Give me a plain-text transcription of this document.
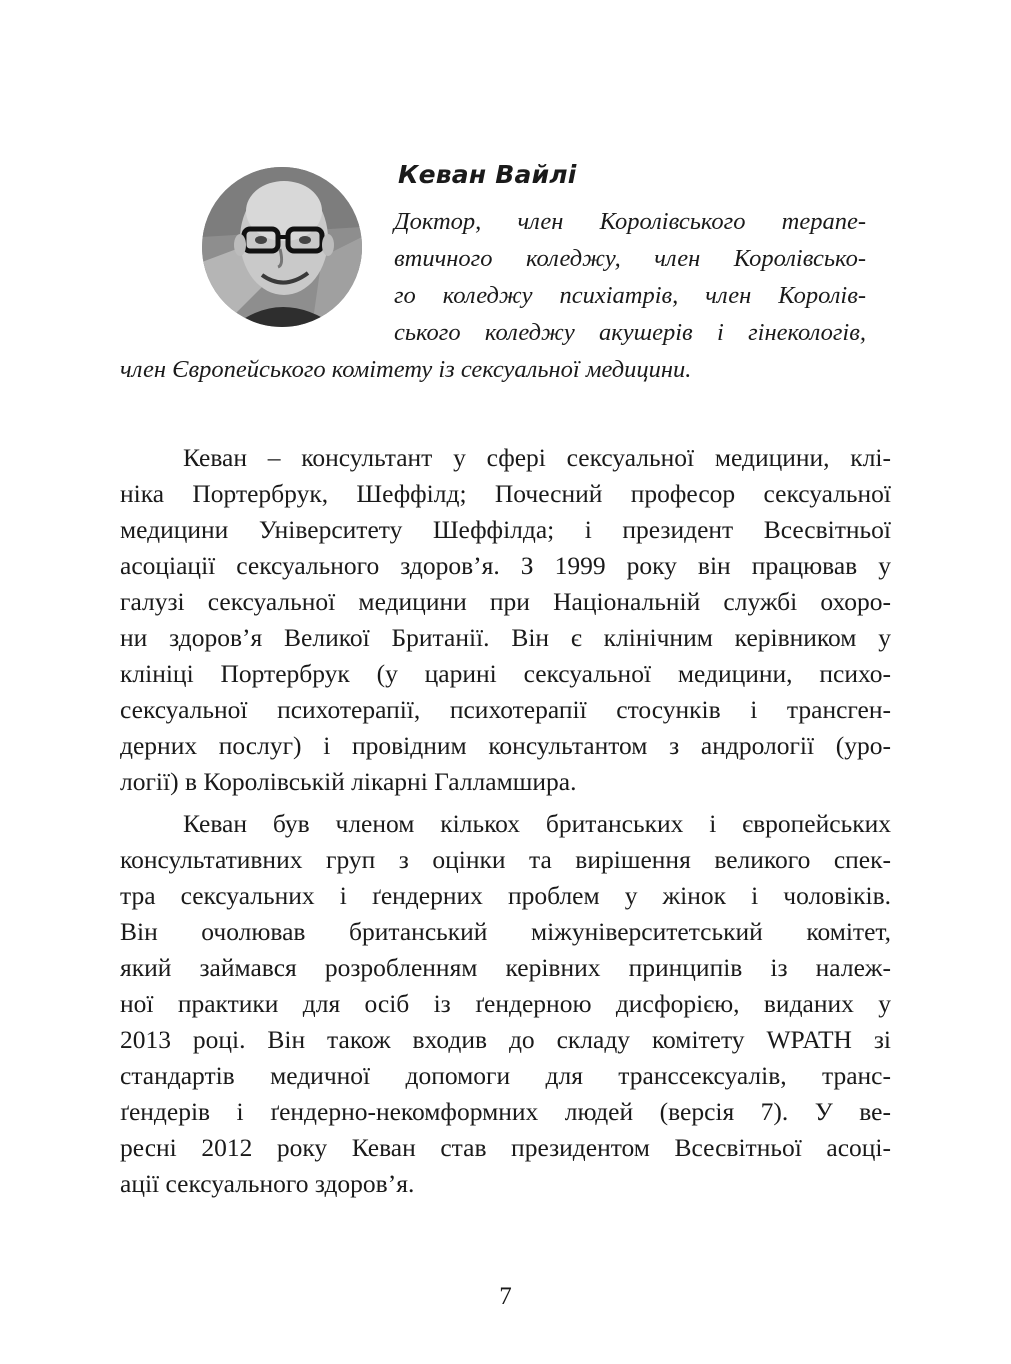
Кеван Вайлі

Доктор, член Королівського терапе-

втичного коледжу, член Королівсько-

го коледжу психіатрів, член Королів-

ського коледжу акушерів і гінекологів,

член Європейського комітету із сексуальної медицини.

Кеван – консультант у сфері сексуальної медицини, клі-

ніка Портербрук, Шеффілд; Почесний професор сексуальної

медицини Університету Шеффілда; і президент Всесвітньої

асоціації сексуального здоров’я. З 1999 року він працював у

галузі сексуальної медицини при Національній службі охоро-

ни здоров’я Великої Британії. Він є клінічним керівником у

клініці Портербрук (у царині сексуальної медицини, психо-

сексуальної психотерапії, психотерапії стосунків і трансген-

дерних послуг) і провідним консультантом з андрології (уро-

логії) в Королівській лікарні Галламшира.

Кеван був членом кількох британських і європейських

консультативних груп з оцінки та вирішення великого спек-

тра сексуальних і ґендерних проблем у жінок і чоловіків.

Він очолював британський міжуніверситетський комітет,

який займався розробленням керівних принципів із належ-

ної практики для осіб із ґендерною дисфорією, виданих у

2013 році. Він також входив до складу комітету WPATH зі

стандартів медичної допомоги для транссексуалів, транс-

ґендерів і ґендерно-некомформних людей (версія 7). У ве-

ресні 2012 року Кеван став президентом Всесвітньої асоці-

ації сексуального здоров’я.

7
